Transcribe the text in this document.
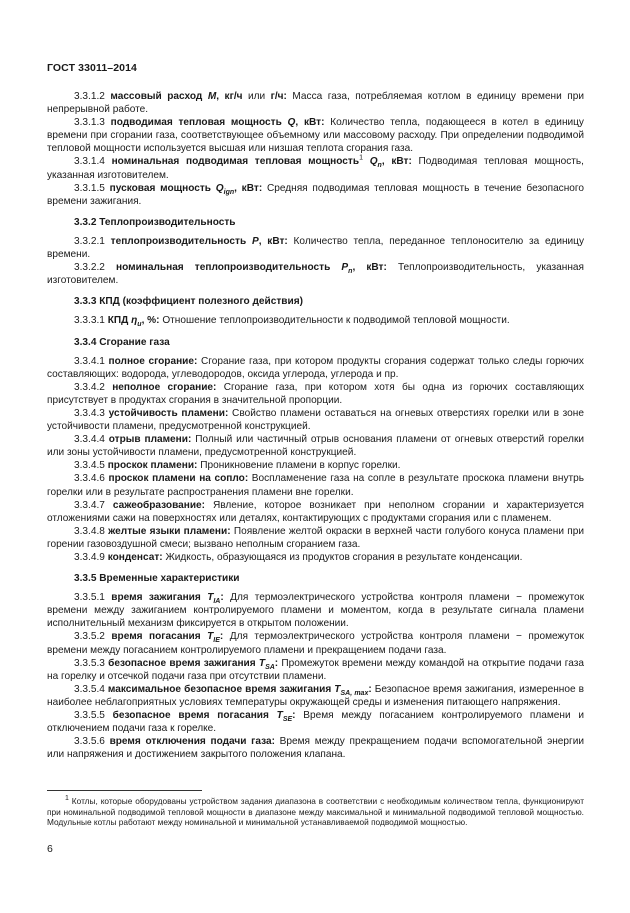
ГОСТ 33011–2014

3.3.1.2 массовый расход M, кг/ч или г/ч: Масса газа, потребляемая котлом в единицу времени при непрерывной работе.

3.3.1.3 подводимая тепловая мощность Q, кВт: Количество тепла, подающееся в котел в единицу времени при сгорании газа, соответствующее объемному или массовому расходу. При определении подводимой тепловой мощности используется высшая или низшая теплота сгорания газа.

3.3.1.4 номинальная подводимая тепловая мощность$^1$ $Q_n$, кВт: Подводимая тепловая мощность, указанная изготовителем.

3.3.1.5 пусковая мощность $Q_{ign}$, кВт: Средняя подводимая тепловая мощность в течение безопасного времени зажигания.

3.3.2 Теплопроизводительность

3.3.2.1 теплопроизводительность P, кВт: Количество тепла, переданное теплоносителю за единицу времени.

3.3.2.2 номинальная теплопроизводительность $P_n$, кВт: Теплопроизводительность, указанная изготовителем.

3.3.3 КПД (коэффициент полезного действия)

3.3.3.1 КПД $\eta_u$, %: Отношение теплопроизводительности к подводимой тепловой мощности.

3.3.4 Сгорание газа

3.3.4.1 полное сгорание: Сгорание газа, при котором продукты сгорания содержат только следы горючих составляющих: водорода, углеводородов, оксида углерода, углерода и пр.

3.3.4.2 неполное сгорание: Сгорание газа, при котором хотя бы одна из горючих составляющих присутствует в продуктах сгорания в значительной пропорции.

3.3.4.3 устойчивость пламени: Свойство пламени оставаться на огневых отверстиях горелки или в зоне устойчивости пламени, предусмотренной конструкцией.

3.3.4.4 отрыв пламени: Полный или частичный отрыв основания пламени от огневых отверстий горелки или зоны устойчивости пламени, предусмотренной конструкцией.

3.3.4.5 проскок пламени: Проникновение пламени в корпус горелки.

3.3.4.6 проскок пламени на сопло: Воспламенение газа на сопле в результате проскока пламени внутрь горелки или в результате распространения пламени вне горелки.

3.3.4.7 сажеобразование: Явление, которое возникает при неполном сгорании и характеризуется отложениями сажи на поверхностях или деталях, контактирующих с продуктами сгорания или с пламенем.

3.3.4.8 желтые языки пламени: Появление желтой окраски в верхней части голубого конуса пламени при горении газовоздушной смеси; вызвано неполным сгоранием газа.

3.3.4.9 конденсат: Жидкость, образующаяся из продуктов сгорания в результате конденсации.

3.3.5 Временные характеристики

3.3.5.1 время зажигания $T_{IA}$: Для термоэлектрического устройства контроля пламени − промежуток времени между зажиганием контролируемого пламени и моментом, когда в результате сигнала пламени исполнительный механизм фиксируется в открытом положении.

3.3.5.2 время погасания $T_{IE}$: Для термоэлектрического устройства контроля пламени − промежуток времени между погасанием контролируемого пламени и прекращением подачи газа.

3.3.5.3 безопасное время зажигания $T_{SA}$: Промежуток времени между командой на открытие подачи газа на горелку и отсечкой подачи газа при отсутствии пламени.

3.3.5.4 максимальное безопасное время зажигания $T_{SA, max}$: Безопасное время зажигания, измеренное в наиболее неблагоприятных условиях температуры окружающей среды и изменения питающего напряжения.

3.3.5.5 безопасное время погасания $T_{SE}$: Время между погасанием контролируемого пламени и отключением подачи газа к горелке.

3.3.5.6 время отключения подачи газа: Время между прекращением подачи вспомогательной энергии или напряжения и достижением закрытого положения клапана.

$^1$ Котлы, которые оборудованы устройством задания диапазона в соответствии с необходимым количеством тепла, функционируют при номинальной подводимой тепловой мощности в диапазоне между максимальной и минимальной подводимой тепловой мощностью. Модульные котлы работают между номинальной и минимальной устанавливаемой подводимой мощностью.

6
